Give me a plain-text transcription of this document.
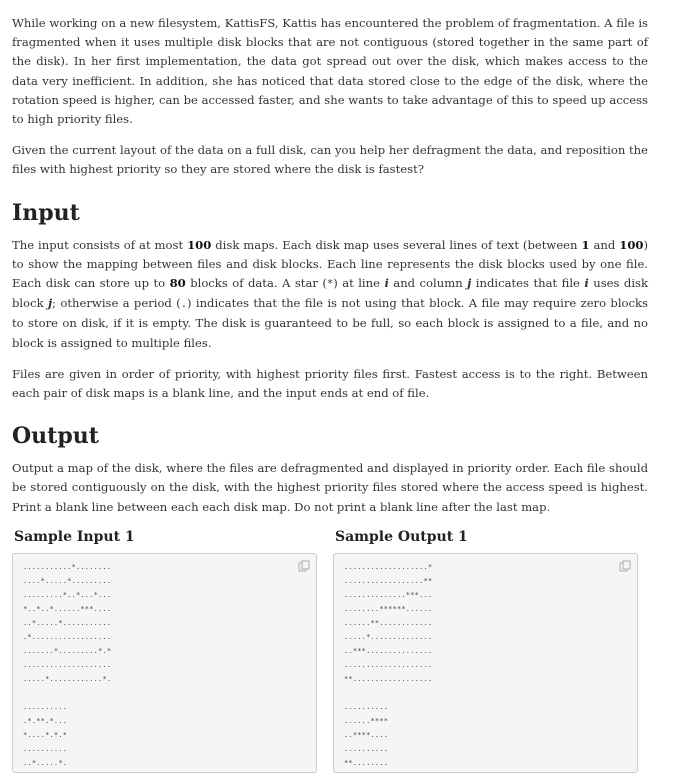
While working on a new filesystem, KattisFS, Kattis has encountered the problem of fragmentation. A file is fragmented when it uses multiple disk blocks that are not contiguous (stored together in the same part of the disk). In her first implementation, the data got spread out over the disk, which makes access to the data very inefficient. In addition, she has noticed that data stored close to the edge of the disk, where the rotation speed is higher, can be accessed faster, and she wants to take advantage of this to speed up access to high priority files.

Given the current layout of the data on a full disk, can you help her defragment the data, and reposition the files with highest priority so they are stored where the disk is fastest?

Input

The input consists of at most 100 disk maps. Each disk map uses several lines of text (between 1 and 100) to show the mapping between files and disk blocks. Each line represents the disk blocks used by one file. Each disk can store up to 80 blocks of data. A star (*) at line i and column j indicates that file i uses disk block j; otherwise a period (.) indicates that the file is not using that block. A file may require zero blocks to store on disk, if it is empty. The disk is guaranteed to be full, so each block is assigned to a file, and no block is assigned to multiple files.

Files are given in order of priority, with highest priority files first. Fastest access is to the right. Between each pair of disk maps is a blank line, and the input ends at end of file.

Output

Output a map of the disk, where the files are defragmented and displayed in priority order. Each file should be stored contiguously on the disk, with the highest priority files stored where the access speed is highest. Print a blank line between each each disk map. Do not print a blank line after the last map.

Sample Input 1
...........*........
....*.....*.........
.........*..*...*...
*..*..*......***....
..*.....*...........
.*..................
.......*.........*.*
....................
.....*............*.

..........
.*.**.*...
*....*.*.*
..........
..*.....*.
Sample Output 1
...................*
..................**
..............***...
........******......
......**............
.....*..............
..***...............
....................
**..................

..........
......****
..****....
..........
**........
